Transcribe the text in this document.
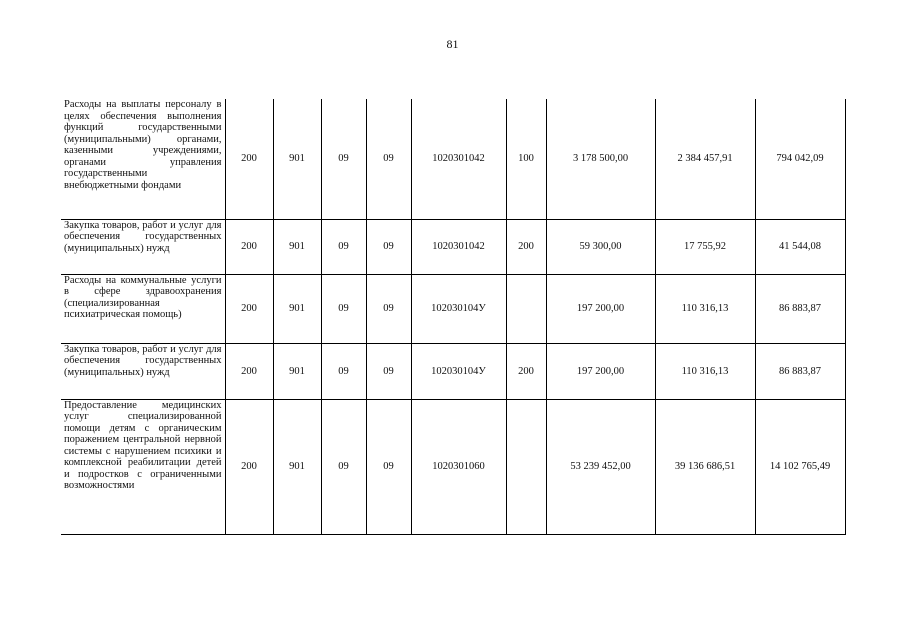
81
Расходы на выплаты персоналу в целях обеспечения выполнения функций государственными (муниципальными) органами, казенными учреждениями, органами управления государственными внебюджетными фондами	200	901	09	09	1020301042	100	3 178 500,00	2 384 457,91	794 042,09
Закупка товаров, работ и услуг для обеспечения государственных (муниципальных) нужд	200	901	09	09	1020301042	200	59 300,00	17 755,92	41 544,08
Расходы на коммунальные услуги в сфере здравоохранения (специализированная психиатрическая помощь)	200	901	09	09	102030104У		197 200,00	110 316,13	86 883,87
Закупка товаров, работ и услуг для обеспечения государственных (муниципальных) нужд	200	901	09	09	102030104У	200	197 200,00	110 316,13	86 883,87
Предоставление медицинских услуг специализированной помощи детям с органическим поражением центральной нервной системы с нарушением психики и комплексной реабилитации детей и подростков с ограниченными возможностями	200	901	09	09	1020301060		53 239 452,00	39 136 686,51	14 102 765,49
